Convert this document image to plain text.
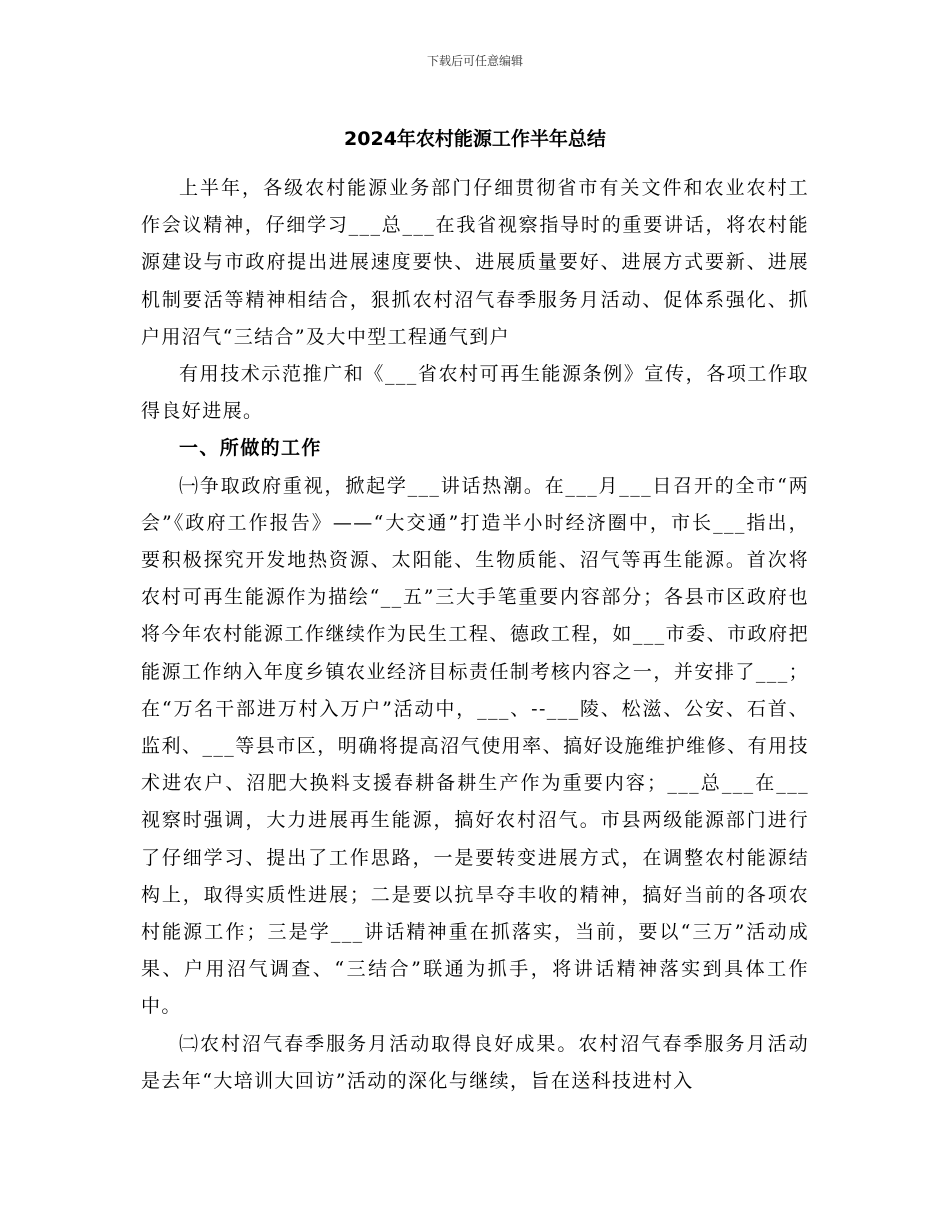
下载后可任意编辑
2024年农村能源工作半年总结

上半年，各级农村能源业务部门仔细贯彻省市有关文件和农业农村工作会议精神，仔细学习___总___在我省视察指导时的重要讲话，将农村能源建设与市政府提出进展速度要快、进展质量要好、进展方式要新、进展机制要活等精神相结合，狠抓农村沼气春季服务月活动、促体系强化、抓户用沼气“三结合”及大中型工程通气到户

有用技术示范推广和《___省农村可再生能源条例》宣传，各项工作取得良好进展。

一、所做的工作

㈠争取政府重视，掀起学___讲话热潮。在___月___日召开的全市“两会”《政府工作报告》——“大交通”打造半小时经济圈中，市长___指出，要积极探究开发地热资源、太阳能、生物质能、沼气等再生能源。首次将农村可再生能源作为描绘“__五”三大手笔重要内容部分；各县市区政府也将今年农村能源工作继续作为民生工程、德政工程，如___市委、市政府把能源工作纳入年度乡镇农业经济目标责任制考核内容之一，并安排了___；在“万名干部进万村入万户”活动中，___、--___陵、松滋、公安、石首、监利、___等县市区，明确将提高沼气使用率、搞好设施维护维修、有用技术进农户、沼肥大换料支援春耕备耕生产作为重要内容；___总___在___视察时强调，大力进展再生能源，搞好农村沼气。市县两级能源部门进行了仔细学习、提出了工作思路，一是要转变进展方式，在调整农村能源结构上，取得实质性进展；二是要以抗旱夺丰收的精神，搞好当前的各项农村能源工作；三是学___讲话精神重在抓落实，当前，要以“三万”活动成果、户用沼气调查、“三结合”联通为抓手，将讲话精神落实到具体工作中。

㈡农村沼气春季服务月活动取得良好成果。农村沼气春季服务月活动是去年“大培训大回访”活动的深化与继续，旨在送科技进村入
